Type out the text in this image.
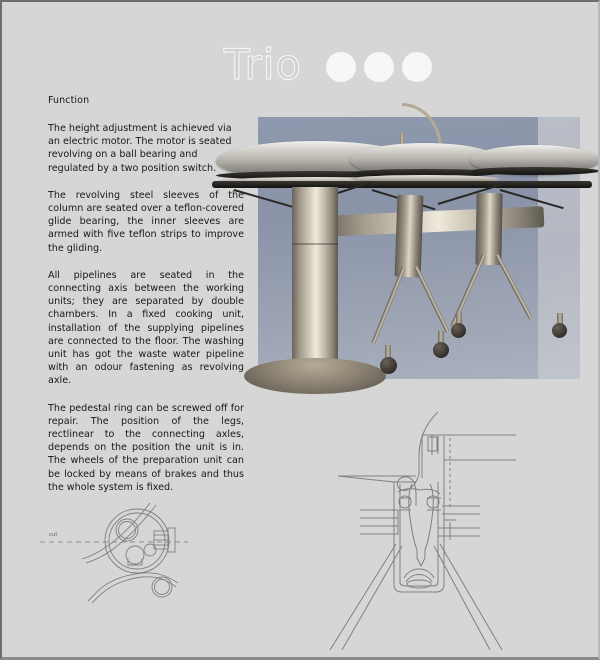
Trio
Function

The height adjustment is achieved via an electric motor. The motor is seated revolving on a ball bearing and regulated by a two position switch.

The revolving steel sleeves of the column are seated over a teflon-covered glide bearing, the inner sleeves are armed with five teflon strips to improve the gliding.

All pipelines are seated in the connecting axis between the working units; they are separated by double chambers. In a fixed cooking unit, installation of the supplying pipelines are connected to the floor. The washing unit has got the waste water pipeline with an odour fastening as revolving axle.

The pedestal ring can be screwed off for repair. The position of the legs, rectlinear to the connecting axles, depends on the position the unit is in. The wheels of the preparation unit can be locked by means of brakes and thus the whole system is fixed.

cut
